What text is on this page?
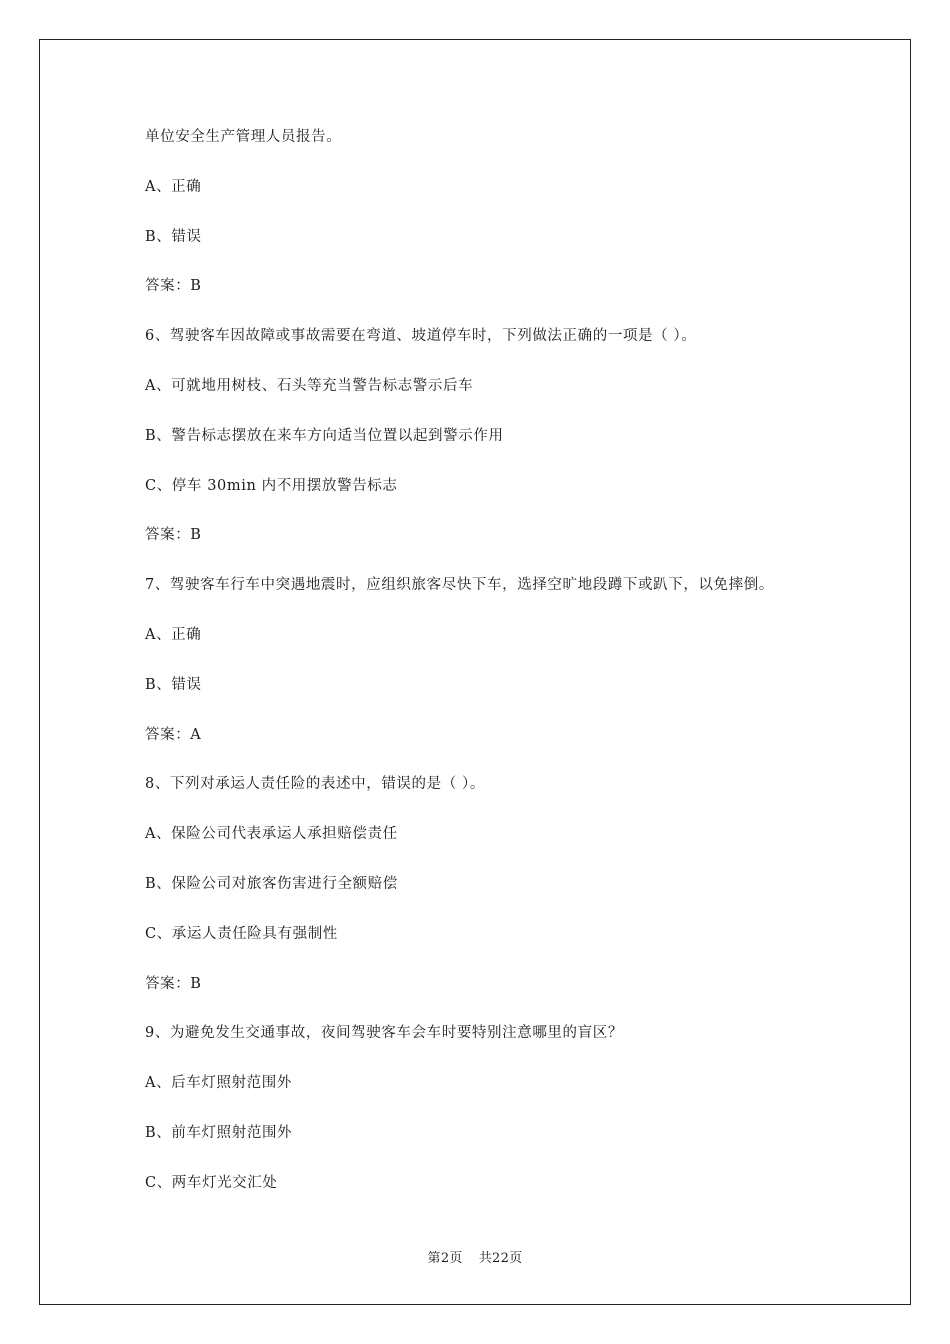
单位安全生产管理人员报告。
A、正确
B、错误
答案：B
6、驾驶客车因故障或事故需要在弯道、坡道停车时，下列做法正确的一项是（ ）。
A、可就地用树枝、石头等充当警告标志警示后车
B、警告标志摆放在来车方向适当位置以起到警示作用
C、停车 30min 内不用摆放警告标志
答案：B
7、驾驶客车行车中突遇地震时，应组织旅客尽快下车，选择空旷地段蹲下或趴下，以免摔倒。
A、正确
B、错误
答案：A
8、下列对承运人责任险的表述中，错误的是（ ）。
A、保险公司代表承运人承担赔偿责任
B、保险公司对旅客伤害进行全额赔偿
C、承运人责任险具有强制性
答案：B
9、为避免发生交通事故，夜间驾驶客车会车时要特别注意哪里的盲区？
A、后车灯照射范围外
B、前车灯照射范围外
C、两车灯光交汇处
第2页 共22页
